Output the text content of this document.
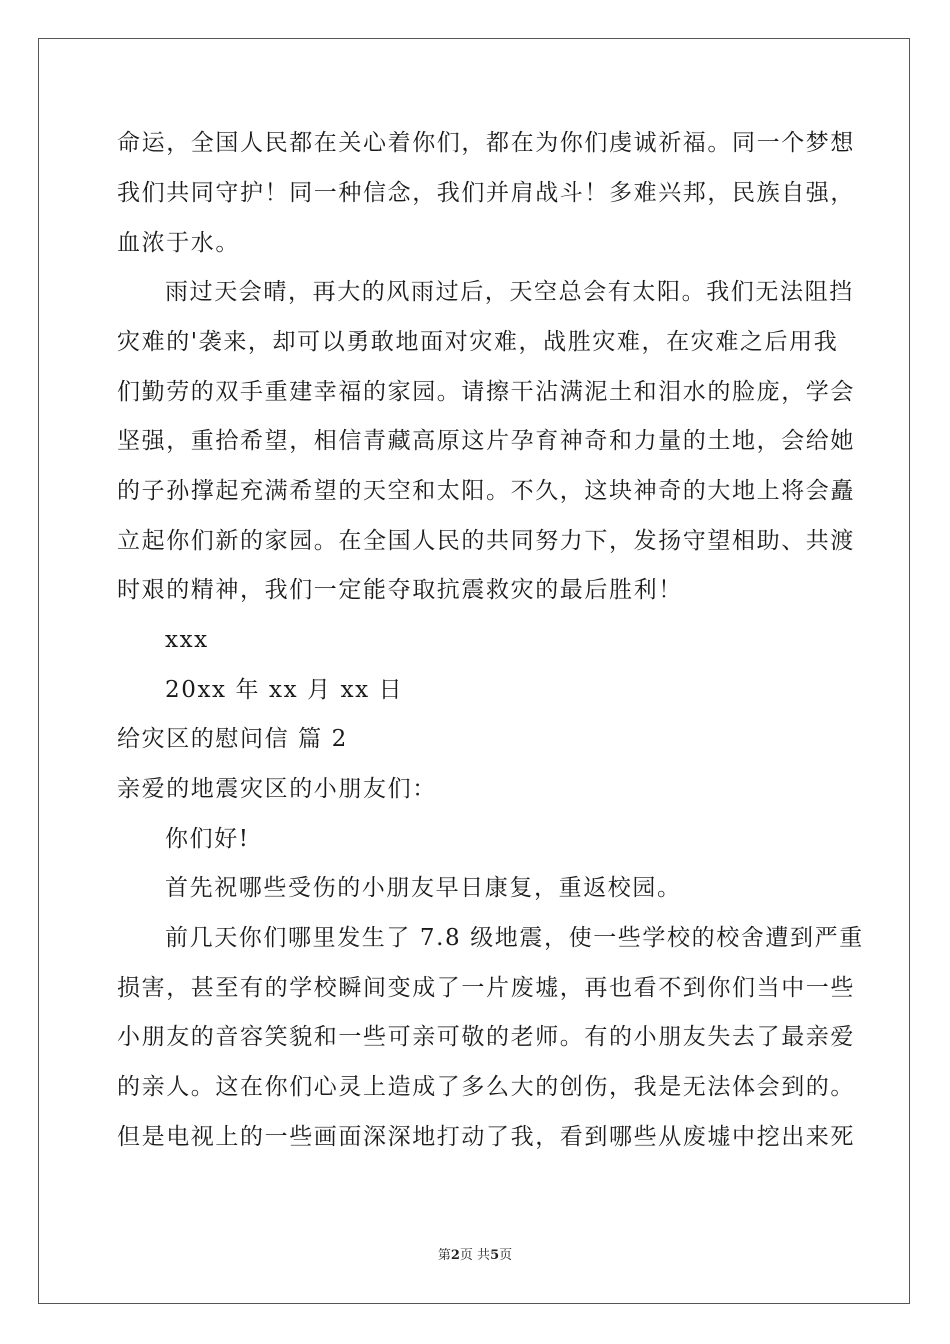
命运，全国人民都在关心着你们，都在为你们虔诚祈福。同一个梦想
我们共同守护！同一种信念，我们并肩战斗！多难兴邦，民族自强，
血浓于水。
雨过天会晴，再大的风雨过后，天空总会有太阳。我们无法阻挡
灾难的'袭来，却可以勇敢地面对灾难，战胜灾难，在灾难之后用我
们勤劳的双手重建幸福的家园。请擦干沾满泥土和泪水的脸庞，学会
坚强，重拾希望，相信青藏高原这片孕育神奇和力量的土地，会给她
的子孙撑起充满希望的天空和太阳。不久，这块神奇的大地上将会矗
立起你们新的家园。在全国人民的共同努力下，发扬守望相助、共渡
时艰的精神，我们一定能夺取抗震救灾的最后胜利！
xxx
20xx 年 xx 月 xx 日
给灾区的慰问信 篇 2
亲爱的地震灾区的小朋友们：
你们好!
首先祝哪些受伤的小朋友早日康复，重返校园。
前几天你们哪里发生了 7.8 级地震，使一些学校的校舍遭到严重
损害，甚至有的学校瞬间变成了一片废墟，再也看不到你们当中一些
小朋友的音容笑貌和一些可亲可敬的老师。有的小朋友失去了最亲爱
的亲人。这在你们心灵上造成了多么大的创伤，我是无法体会到的。
但是电视上的一些画面深深地打动了我，看到哪些从废墟中挖出来死
第2页 共5页
